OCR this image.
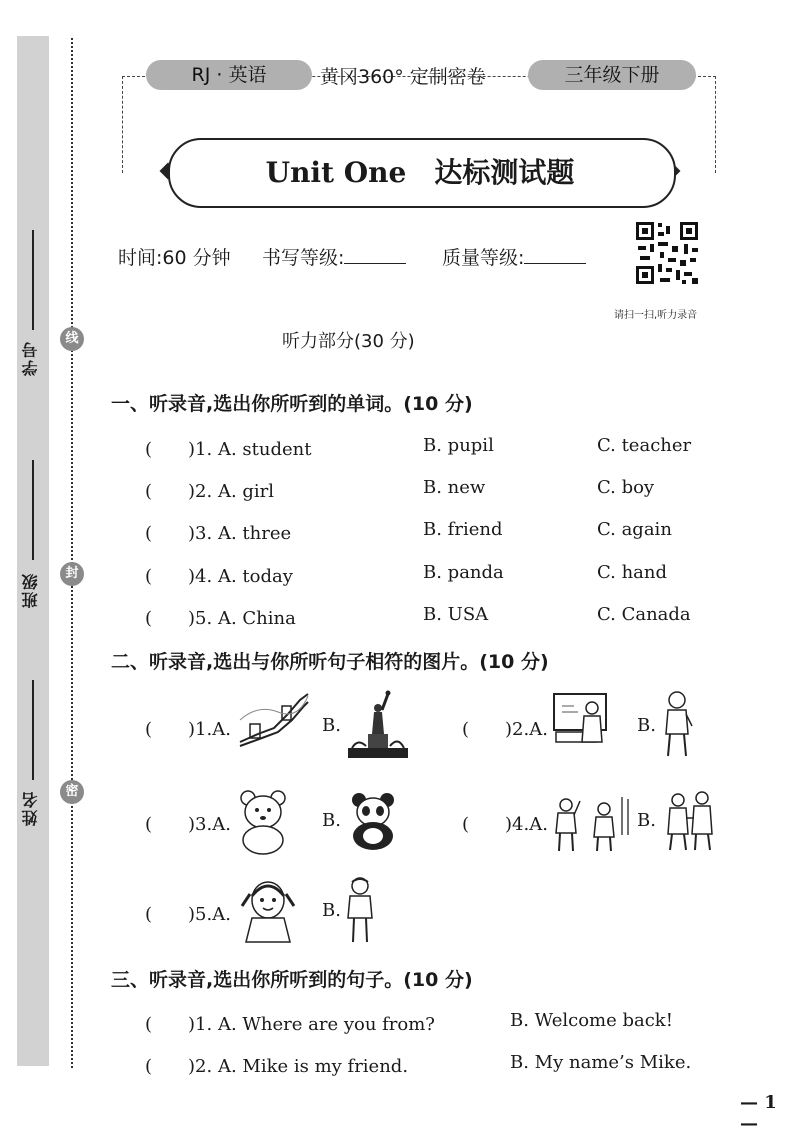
学号
班级
姓名
线
封
密
RJ · 英语	黄冈360° 定制密卷	三年级下册
Unit One　达标测试题
时间:60 分钟 书写等级:	质量等级:
请扫一扫,听力录音
听力部分(30 分)
一、听录音,选出你所听到的单词。(10 分)
(　　)1. A. student	B. pupil	C. teacher
(　　)2. A. girl	B. new	C. boy
(　　)3. A. three	B. friend	C. again
(　　)4. A. today	B. panda	C. hand
(　　)5. A. China	B. USA	C. Canada
二、听录音,选出与你所听句子相符的图片。(10 分)
(　　)1.A.	B.	(　　)2.A.	B.
(　　)3.A.	B.	(　　)4.A.	B.
(　　)5.A.	B.
三、听录音,选出你所听到的句子。(10 分)
(　　)1. A. Where are you from?	B. Welcome back!
(　　)2. A. Mike is my friend.	B. My name’s Mike.
— 1 —
